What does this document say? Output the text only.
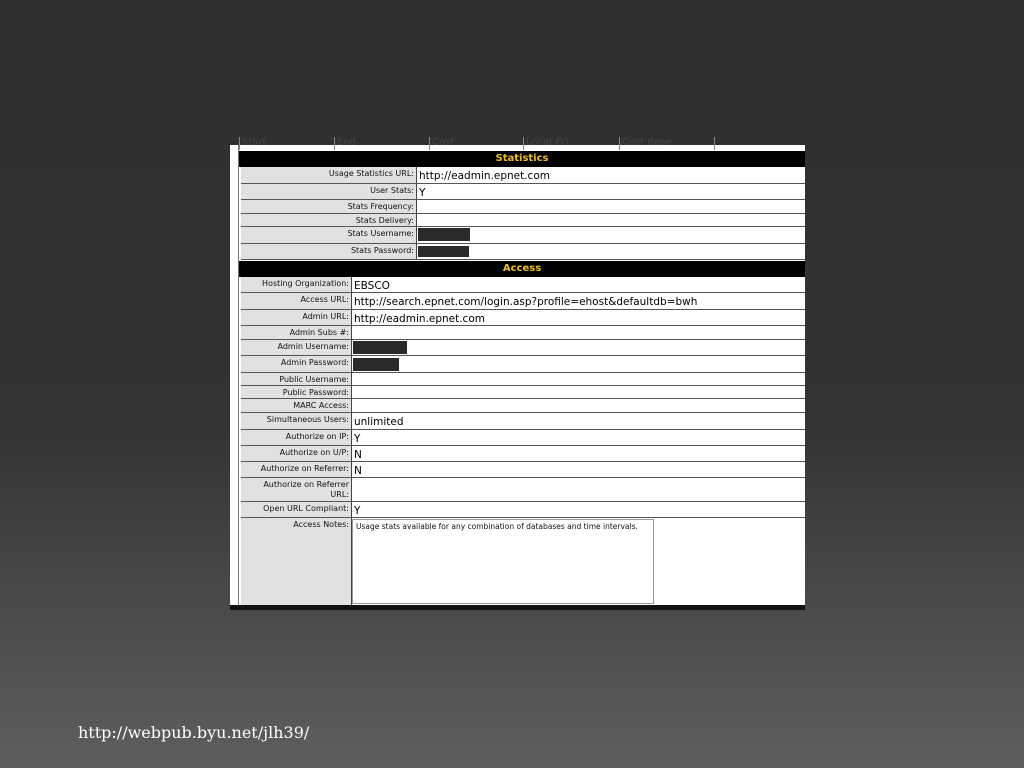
Start	End	Cost	Local PO	Cost Base
Statistics
Usage Statistics URL: http://eadmin.epnet.com
User Stats: Y
Stats Frequency:
Stats Delivery:
Stats Username:
Stats Password:
Access
Hosting Organization: EBSCO
Access URL: http://search.epnet.com/login.asp?profile=ehost&defaultdb=bwh
Admin URL: http://eadmin.epnet.com
Admin Subs #:
Admin Username:
Admin Password:
Public Username:
Public Password:
MARC Access:
Simultaneous Users: unlimited
Authorize on IP: Y
Authorize on U/P: N
Authorize on Referrer: N
Authorize on Referrer URL:
Open URL Compliant: Y
Access Notes: Usage stats available for any combination of databases and time intervals.
http://webpub.byu.net/jlh39/
